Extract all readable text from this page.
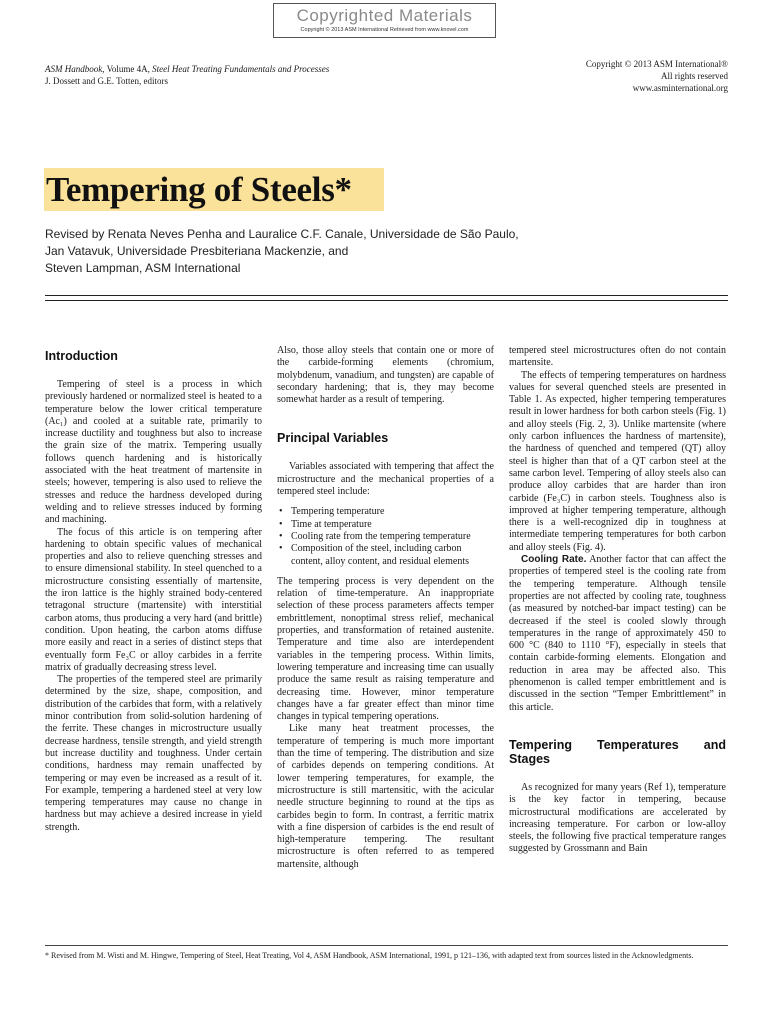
Copyrighted Materials
Copyright © 2013 ASM International Retrieved from www.knovel.com
ASM Handbook, Volume 4A, Steel Heat Treating Fundamentals and Processes
J. Dossett and G.E. Totten, editors
Copyright © 2013 ASM International®
All rights reserved
www.asminternational.org
Tempering of Steels*
Revised by Renata Neves Penha and Lauralice C.F. Canale, Universidade de São Paulo,
Jan Vatavuk, Universidade Presbiteriana Mackenzie, and
Steven Lampman, ASM International
Introduction

Tempering of steel is a process in which previously hardened or normalized steel is heated to a temperature below the lower critical temperature (Ac₁) and cooled at a suitable rate, primarily to increase ductility and toughness but also to increase the grain size of the matrix. Tempering usually follows quench hardening and is historically associated with the heat treatment of martensite in steels; however, tempering is also used to relieve the stresses and reduce the hardness developed during welding and to relieve stresses induced by forming and machining.

The focus of this article is on tempering after hardening to obtain specific values of mechanical properties and also to relieve quenching stresses and to ensure dimensional stability. In steel quenched to a microstructure consisting essentially of martensite, the iron lattice is the highly strained body-centered tetragonal structure (martensite) with interstitial carbon atoms, thus producing a very hard (and brittle) condition. Upon heating, the carbon atoms diffuse more easily and react in a series of distinct steps that eventually form Fe₃C or alloy carbides in a ferrite matrix of gradually decreasing stress level.

The properties of the tempered steel are primarily determined by the size, shape, composition, and distribution of the carbides that form, with a relatively minor contribution from solid-solution hardening of the ferrite. These changes in microstructure usually decrease hardness, tensile strength, and yield strength but increase ductility and toughness. Under certain conditions, hardness may remain unaffected by tempering or may even be increased as a result of it. For example, tempering a hardened steel at very low tempering temperatures may cause no change in hardness but may achieve a desired increase in yield strength.

Also, those alloy steels that contain one or more of the carbide-forming elements (chromium, molybdenum, vanadium, and tungsten) are capable of secondary hardening; that is, they may become somewhat harder as a result of tempering.

Principal Variables

Variables associated with tempering that affect the microstructure and the mechanical properties of a tempered steel include:

• Tempering temperature
• Time at temperature
• Cooling rate from the tempering temperature
• Composition of the steel, including carbon content, alloy content, and residual elements

The tempering process is very dependent on the relation of time-temperature. An inappropriate selection of these process parameters affects temper embrittlement, nonoptimal stress relief, mechanical properties, and transformation of retained austenite. Temperature and time also are interdependent variables in the tempering process. Within limits, lowering temperature and increasing time can usually produce the same result as raising temperature and decreasing time. However, minor temperature changes have a far greater effect than minor time changes in typical tempering operations.

Like many heat treatment processes, the temperature of tempering is much more important than the time of tempering. The distribution and size of carbides depends on tempering conditions. At lower tempering temperatures, for example, the microstructure is still martensitic, with the acicular needle structure beginning to round at the tips as carbides begin to form. In contrast, a ferritic matrix with a fine dispersion of carbides is the end result of high-temperature tempering. The resultant microstructure is often referred to as tempered martensite, although

tempered steel microstructures often do not contain martensite.

The effects of tempering temperatures on hardness values for several quenched steels are presented in Table 1. As expected, higher tempering temperatures result in lower hardness for both carbon steels (Fig. 1) and alloy steels (Fig. 2, 3). Unlike martensite (where only carbon influences the hardness of martensite), the hardness of quenched and tempered (QT) alloy steel is higher than that of a QT carbon steel at the same carbon level. Tempering of alloy steels also can produce alloy carbides that are harder than iron carbide (Fe₃C) in carbon steels. Toughness also is improved at higher tempering temperature, although there is a well-recognized dip in toughness at intermediate tempering temperatures for both carbon and alloy steels (Fig. 4).

Cooling Rate. Another factor that can affect the properties of tempered steel is the cooling rate from the tempering temperature. Although tensile properties are not affected by cooling rate, toughness (as measured by notched-bar impact testing) can be decreased if the steel is cooled slowly through temperatures in the range of approximately 450 to 600 °C (840 to 1110 °F), especially in steels that contain carbide-forming elements. Elongation and reduction in area may be affected also. This phenomenon is called temper embrittlement and is discussed in the section “Temper Embrittlement” in this article.

Tempering Temperatures and Stages

As recognized for many years (Ref 1), temperature is the key factor in tempering, because microstructural modifications are accelerated by increasing temperature. For carbon or low-alloy steels, the following five practical temperature ranges suggested by Grossmann and Bain

* Revised from M. Wisti and M. Hingwe, Tempering of Steel, Heat Treating, Vol 4, ASM Handbook, ASM International, 1991, p 121–136, with adapted text from sources listed in the Acknowledgments.
